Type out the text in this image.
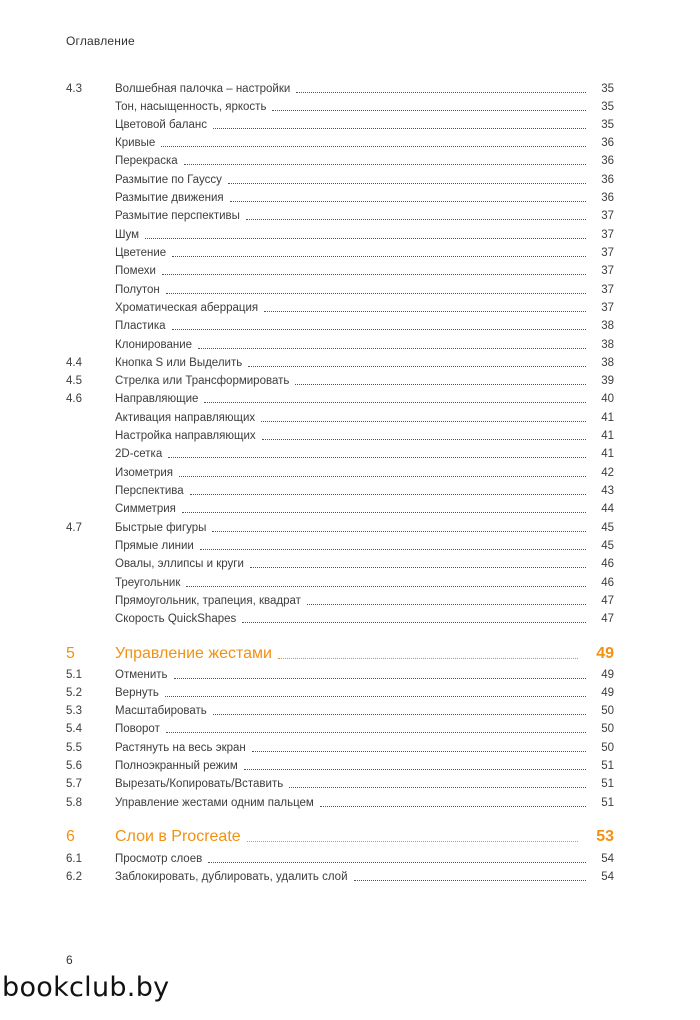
Оглавление
4.3	Волшебная палочка – настройки	35
Тон, насыщенность, яркость	35
Цветовой баланс	35
Кривые	36
Перекраска	36
Размытие по Гауссу	36
Размытие движения	36
Размытие перспективы	37
Шум	37
Цветение	37
Помехи	37
Полутон	37
Хроматическая аберрация	37
Пластика	38
Клонирование	38
4.4	Кнопка S или Выделить	38
4.5	Стрелка или Трансформировать	39
4.6	Направляющие	40
Активация направляющих	41
Настройка направляющих	41
2D-сетка	41
Изометрия	42
Перспектива	43
Симметрия	44
4.7	Быстрые фигуры	45
Прямые линии	45
Овалы, эллипсы и круги	46
Треугольник	46
Прямоугольник, трапеция, квадрат	47
Скорость QuickShapes	47
5	Управление жестами	49
5.1	Отменить	49
5.2	Вернуть	49
5.3	Масштабировать	50
5.4	Поворот	50
5.5	Растянуть на весь экран	50
5.6	Полноэкранный режим	51
5.7	Вырезать/Копировать/Вставить	51
5.8	Управление жестами одним пальцем	51
6	Слои в Procreate	53
6.1	Просмотр слоев	54
6.2	Заблокировать, дублировать, удалить слой	54
6
bookclub.by
